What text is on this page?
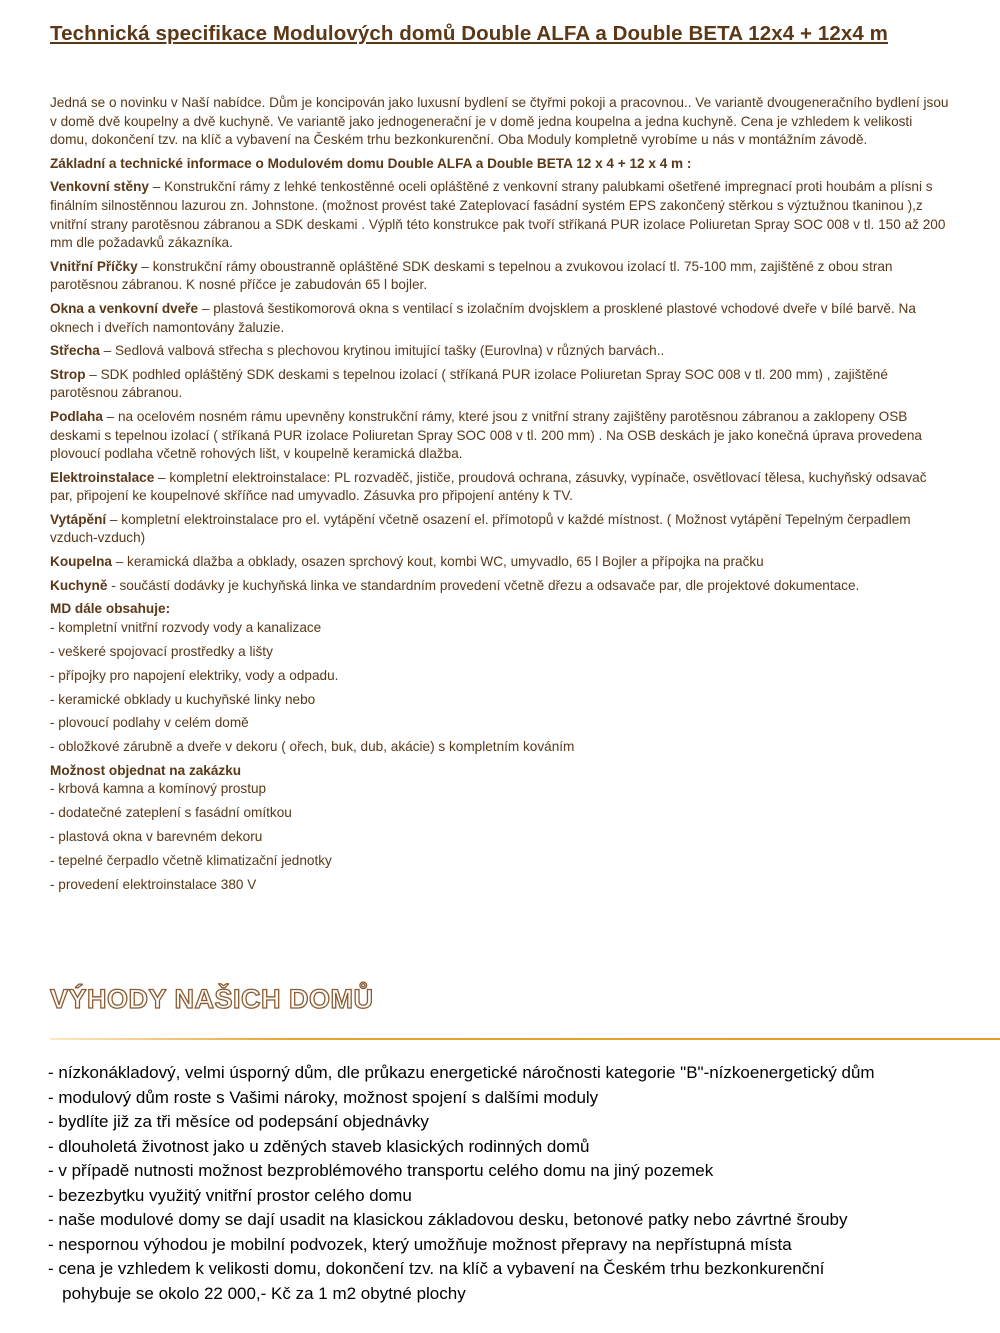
Technická specifikace Modulových domů Double ALFA a Double BETA 12x4 + 12x4 m

Jedná se o novinku v Naší nabídce. Dům je koncipován jako luxusní bydlení se čtyřmi pokoji a pracovnou.. Ve variantě dvougeneračního bydlení jsou v domě dvě koupelny a dvě kuchyně. Ve variantě jako jednogenerační je v domě jedna koupelna a jedna kuchyně. Cena je vzhledem k velikosti domu, dokončení tzv. na klíč a vybavení na Českém trhu bezkonkurenční. Oba Moduly kompletně vyrobíme u nás v montážním závodě.

Základní a technické informace o Modulovém domu Double ALFA a Double BETA 12 x 4 + 12 x 4 m :

Venkovní stěny – Konstrukční rámy z lehké tenkostěnné oceli opláštěné z venkovní strany palubkami ošetřené impregnací proti houbám a plísni s finálním silnostěnnou lazurou zn. Johnstone. (možnost provést také Zateplovací fasádní systém EPS zakončený stěrkou s výztužnou tkaninou ),z vnitřní strany parotěsnou zábranou a SDK deskami . Výplň této konstrukce pak tvoří stříkaná PUR izolace Poliuretan Spray SOC 008 v tl. 150 až 200 mm dle požadavků zákazníka.

Vnitřní Příčky – konstrukční rámy oboustranně opláštěné SDK deskami s tepelnou a zvukovou izolací tl. 75-100 mm, zajištěné z obou stran parotěsnou zábranou. K nosné příčce je zabudován 65 l bojler.

Okna a venkovní dveře – plastová šestikomorová okna s ventilací s izolačním dvojsklem a prosklené plastové vchodové dveře v bílé barvě. Na oknech i dveřích namontovány žaluzie.

Střecha – Sedlová valbová střecha s plechovou krytinou imitující tašky (Eurovlna) v různých barvách..

Strop – SDK podhled opláštěný SDK deskami s tepelnou izolací ( stříkaná PUR izolace Poliuretan Spray SOC 008 v tl. 200 mm) , zajištěné parotěsnou zábranou.

Podlaha – na ocelovém nosném rámu upevněny konstrukční rámy, které jsou z vnitřní strany zajištěny parotěsnou zábranou a zaklopeny OSB deskami s tepelnou izolací ( stříkaná PUR izolace Poliuretan Spray SOC 008 v tl. 200 mm) . Na OSB deskách je jako konečná úprava provedena plovoucí podlaha včetně rohových lišt, v koupelně keramická dlažba.

Elektroinstalace – kompletní elektroinstalace: PL rozvaděč, jističe, proudová ochrana, zásuvky, vypínače, osvětlovací tělesa, kuchyňský odsavač par, připojení ke koupelnové skříňce nad umyvadlo. Zásuvka pro připojení antény k TV.

Vytápění – kompletní elektroinstalace pro el. vytápění včetně osazení el. přímotopů v každé místnost. ( Možnost vytápění Tepelným čerpadlem vzduch-vzduch)

Koupelna – keramická dlažba a obklady, osazen sprchový kout, kombi WC, umyvadlo, 65 l Bojler a přípojka na pračku

Kuchyně - součástí dodávky je kuchyňská linka ve standardním provedení včetně dřezu a odsavače par, dle projektové dokumentace.

MD dále obsahuje:

- kompletní vnitřní rozvody vody a kanalizace
- veškeré spojovací prostředky a lišty
- přípojky pro napojení elektriky, vody a odpadu.
- keramické obklady u kuchyňské linky nebo
- plovoucí podlahy v celém domě
- obložkové zárubně a dveře v dekoru ( ořech, buk, dub, akácie) s kompletním kováním

Možnost objednat na zakázku

- krbová kamna a komínový prostup
- dodatečné zateplení s fasádní omítkou
- plastová okna v barevném dekoru
- tepelné čerpadlo včetně klimatizační jednotky
- provedení elektroinstalace 380 V
VÝHODY NAŠICH DOMŮ
- nízkonákladový, velmi úsporný dům, dle průkazu energetické náročnosti kategorie "B"-nízkoenergetický dům
- modulový dům roste s Vašimi nároky, možnost spojení s dalšími moduly
- bydlíte již za tři měsíce od podepsání objednávky
- dlouholetá životnost jako u zděných staveb klasických rodinných domů
- v případě nutnosti možnost bezproblémového transportu celého domu na jiný pozemek
- bezezbytku využitý vnitřní prostor celého domu
- naše modulové domy se dají usadit na klasickou základovou desku, betonové patky nebo závrtné šrouby
- nespornou výhodou je mobilní podvozek, který umožňuje možnost přepravy na nepřístupná místa
- cena je vzhledem k velikosti domu, dokončení tzv. na klíč a vybavení na Českém trhu bezkonkurenční
pohybuje se okolo 22 000,- Kč za 1 m2 obytné plochy
